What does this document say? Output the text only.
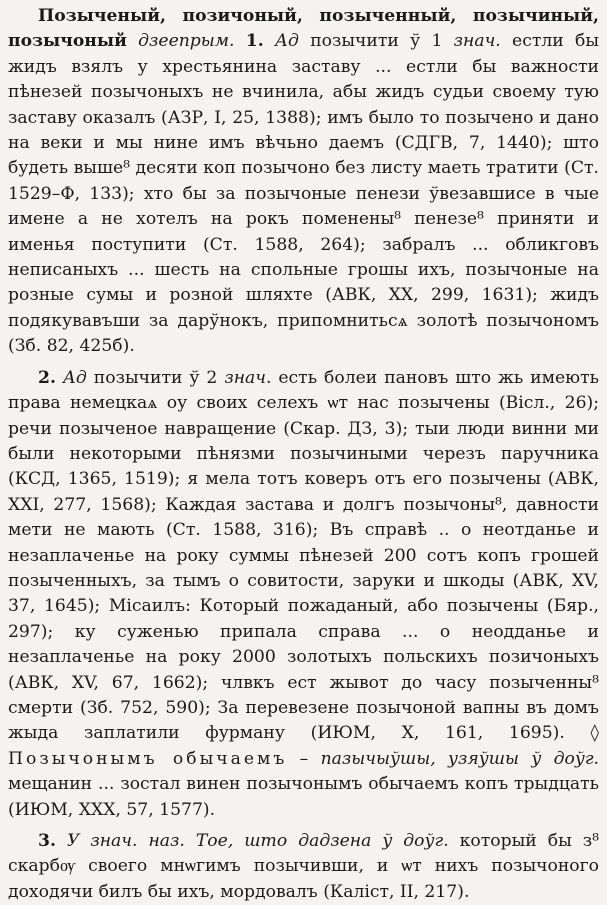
Позыченый, позичоный, позыченный, позычиный, позычоный дзеепрым. 1. Ад позычити ў 1 знач. естли бы жидъ взялъ у хрестьянина заставу ... естли бы важности пѣнезей позычоныхъ не вчинила, абы жидъ судьи своему тую заставу оказалъ (АЗР, I, 25, 1388); имъ было то позычено и дано на веки и мы нине имъ вѣчьно даемъ (СДГВ, 7, 1440); што будеть выше⁸ десяти коп позычоно без листу маеть тратити (Ст. 1529–Ф, 133); хто бы за позычоные пенези ўвезавшисе в чые имене а не хотелъ на рокъ поменены⁸ пенезе⁸ приняти и именья поступити (Ст. 1588, 264); забралъ ... обликговъ неписаныхъ ... шесть на спольные грошы ихъ, позычоные на розные сумы и розной шляхте (АВК, XX, 299, 1631); жидъ подякувавъши за дарўнокъ, припомнитьсѧ золотѣ позычономъ (Зб. 82, 425б).

2. Ад позычити ў 2 знач. есть болеи пановъ што жь имеють права немецкаѧ оу своих селехъ ѡт нас позычены (Вісл., 26); речи позыченое навращение (Скар. ДЗ, 3); тыи люди винни ми были некоторыми пѣнязми позычиными черезъ паручника (КСД, 1365, 1519); я мела тотъ коверъ отъ его позычены (АВК, XXI, 277, 1568); Каждая застава и долгъ позычоны⁸, давности мети не мають (Ст. 1588, 316); Въ справѣ .. о неотданье и незаплаченье на року суммы пѣнезей 200 сотъ копъ грошей позыченныхъ, за тымъ о совитости, заруки и шкоды (АВК, XV, 37, 1645); Місаилъ: Который пожаданый, або позычены (Бяр., 297); ку суженью припала справа ... о неодданье и незаплаченье на року 2000 золотыхъ польскихъ позичоныхъ (АВК, XV, 67, 1662); члвкъ ест жывот до часу позыченны⁸ смерти (Зб. 752, 590); За перевезене позычоной вапны въ домъ жыда заплатили фурману (ИЮМ, X, 161, 1695). ◊ Позычонымъ обычаемъ – пазычыўшы, узяўшы ў доўг. мещанин ... зостал винен позычонымъ обычаемъ копъ трыдцать (ИЮМ, XXX, 57, 1577).

3. У знач. наз. Тое, што дадзена ў доўг. который бы з⁸ скарбѹ своего мнѡгимъ позычивши, и ѡт нихъ позычоного доходячи билъ бы ихъ, мордовалъ (Каліст, II, 217).
